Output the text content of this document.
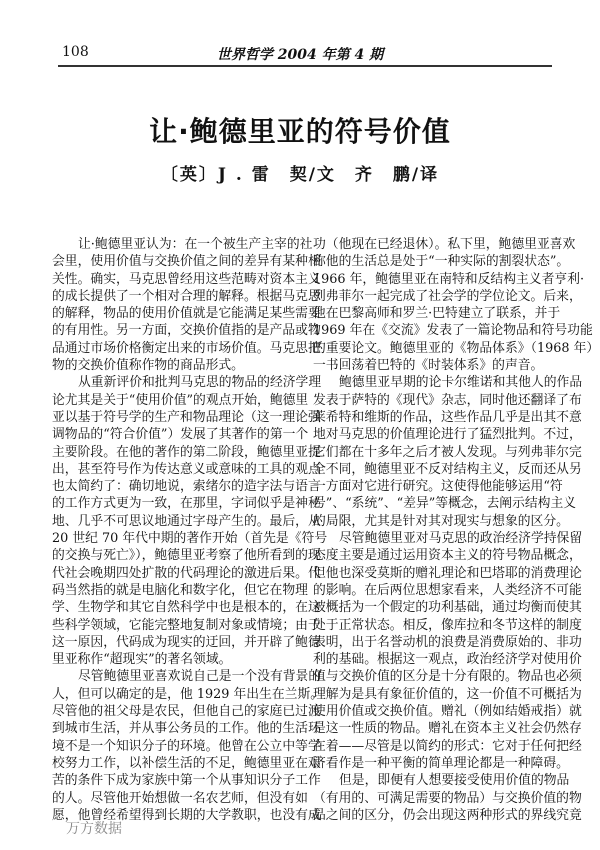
108	世界哲学 2004 年第 4 期
让·鲍德里亚的符号价值
〔英〕J . 雷　契/文　齐　鹏/译
让·鲍德里亚认为：在一个被生产主宰的社
会里，使用价值与交换价值之间的差异有某种相
关性。确实，马克思曾经用这些范畴对资本主义
的成长提供了一个相对合理的解释。根据马克思
的解释，物品的使用价值就是它能满足某些需要
的有用性。另一方面，交换价值指的是产品或物
品通过市场价格衡定出来的市场价值。马克思把
物的交换价值称作物的商品形式。
从重新评价和批判马克思的物品的经济学理
论尤其是关于“使用价值”的观点开始，鲍德里
亚以基于符号学的生产和物品理论（这一理论强
调物品的“符合价值”）发展了其著作的第一个
主要阶段。在他的著作的第二阶段，鲍德里亚提
出，甚至符号作为传达意义或意味的工具的观点
也太简约了：确切地说，索绪尔的造字法与语言
的工作方式更为一致，在那里，字词似乎是神秘
地、几乎不可思议地通过字母产生的。最后，从
20 世纪 70 年代中期的著作开始（首先是《符号
的交换与死亡》），鲍德里亚考察了他所看到的现
代社会晚期四处扩散的代码理论的激进后果。代
码当然指的就是电脑化和数字化，但它在物理
学、生物学和其它自然科学中也是根本的，在这
些科学领域，它能完整地复制对象或情境；由于
这一原因，代码成为现实的迂回，并开辟了鲍德
里亚称作“超现实”的著名领域。
尽管鲍德里亚喜欢说自己是一个没有背景的
人，但可以确定的是，他 1929 年出生在兰斯。
尽管他的祖父母是农民，但他自己的家庭已过渡
到城市生活，并从事公务员的工作。他的生活环
境不是一个知识分子的环境。他曾在公立中等学
校努力工作，以补偿生活的不足，鲍德里亚在艰
苦的条件下成为家族中第一个从事知识分子工作
的人。尽管他开始想做一名农艺师，但没有如
愿，他曾经希望得到长期的大学教职，也没有成
功（他现在已经退休）。私下里，鲍德里亚喜欢
称他的生活总是处于“一种实际的割裂状态”。
1966 年，鲍德里亚在南特和反结构主义者亨利·
列弗菲尔一起完成了社会学的学位论文。后来，
他在巴黎高师和罗兰·巴特建立了联系，并于
1969 年在《交流》发表了一篇论物品和符号功能
的重要论文。鲍德里亚的《物品体系》（1968 年）
一书回荡着巴特的《时装体系》的声音。
鲍德里亚早期的论卡尔维诺和其他人的作品
发表于萨特的《现代》杂志，同时他还翻译了布
莱希特和维斯的作品，这些作品几乎是出其不意
地对马克思的价值理论进行了猛烈批判。不过，
它们都在十多年之后才被人发现。与列弗菲尔完
全不同，鲍德里亚不反对结构主义，反而还从另
一方面对它进行研究。这使得他能够运用“符
号”、“系统”、“差异”等概念，去阐示结构主义
的局限，尤其是针对其对现实与想象的区分。
尽管鲍德里亚对马克思的政治经济学持保留
态度主要是通过运用资本主义的符号物品概念，
但他也深受莫斯的赠礼理论和巴塔耶的消费理论
的影响。在后两位思想家看来，人类经济不可能
被概括为一个假定的功利基础，通过均衡而使其
处于正常状态。相反，像库拉和冬节这样的制度
表明，出于名誉动机的浪费是消费原始的、非功
利的基础。根据这一观点，政治经济学对使用价
值与交换价值的区分是十分有限的。物品也必须
理解为是具有象征价值的，这一价值不可概括为
使用价值或交换价值。赠礼（例如结婚戒指）就
是这一性质的物品。赠礼在资本主义社会仍然存
在着——尽管是以简约的形式：它对于任何把经
济看作是一种平衡的简单理论都是一种障碍。
但是，即便有人想要接受使用价值的物品
（有用的、可满足需要的物品）与交换价值的物
品之间的区分，仍会出现这两种形式的界线究竟
万方数据
